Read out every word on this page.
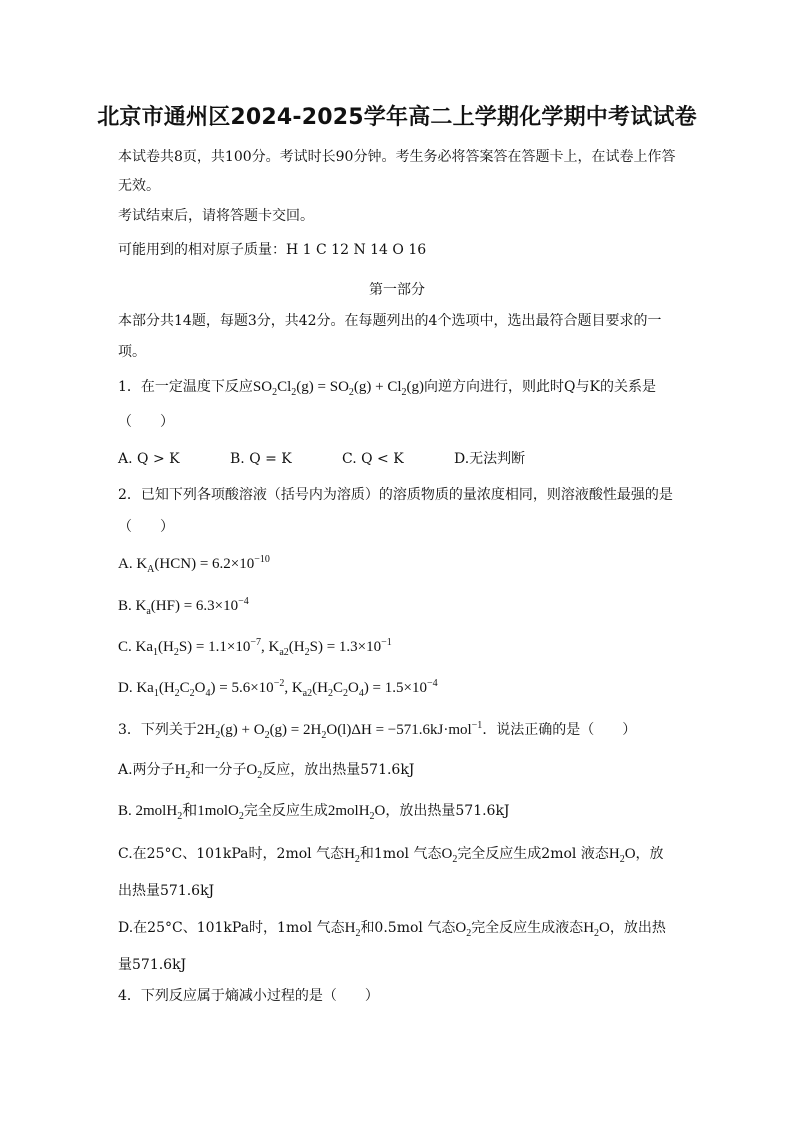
北京市通州区2024-2025学年高二上学期化学期中考试试卷
本试卷共8页，共100分。考试时长90分钟。考生务必将答案答在答题卡上，在试卷上作答
无效。
考试结束后，请将答题卡交回。
可能用到的相对原子质量：H 1 C 12 N 14 O 16
第一部分
本部分共14题，每题3分，共42分。在每题列出的4个选项中，选出最符合题目要求的一
项。
1．在一定温度下反应$SO_2Cl_2(g) = SO_2(g) + Cl_2(g)$向逆方向进行，则此时Q与K的关系是
（　　）
A. Q > K	B. Q = K	C. Q < K	D.无法判断
2．已知下列各项酸溶液（括号内为溶质）的溶质物质的量浓度相同，则溶液酸性最强的是
（　　）
A. $K_A(HCN) = 6.2\times 10^{-10}$
B. $K_a(HF) = 6.3\times 10^{-4}$
C. $Ka_1(H_2S) = 1.1\times 10^{-7}$, $K_{a2}(H_2S) = 1.3\times 10^{-1}$
D. $Ka_1(H_2C_2O_4) = 5.6\times 10^{-2}$, $K_{a2}(H_2C_2O_4) = 1.5\times 10^{-4}$
3．下列关于$2H_2(g) + O_2(g) = 2H_2O(l)\Delta H = -571.6kJ\cdot mol^{-1}$．说法正确的是（　　）
A.两分子$H_2$和一分子$O_2$反应，放出热量571.6kJ
B. 2molH$_2$和1molO$_2$完全反应生成2molH$_2$O，放出热量571.6kJ
C.在25°C、101kPa时，2mol 气态$H_2$和1mol 气态$O_2$完全反应生成2mol 液态$H_2O$，放
出热量571.6kJ
D.在25°C、101kPa时，1mol 气态$H_2$和0.5mol 气态$O_2$完全反应生成液态$H_2O$，放出热
量571.6kJ
4．下列反应属于熵减小过程的是（　　）
